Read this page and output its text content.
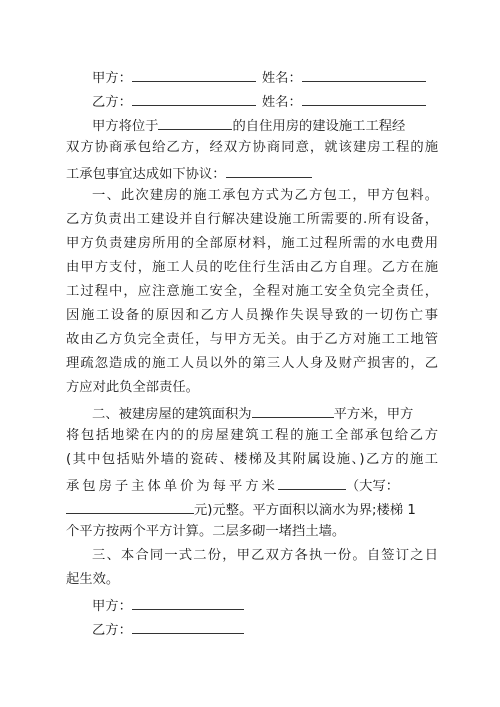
甲方：	姓名：
乙方：	姓名：
甲方将位于	的自住用房的建设施工工程经
双方协商承包给乙方，经双方协商同意，就该建房工程的施
工承包事宜达成如下协议：
一、此次建房的施工承包方式为乙方包工，甲方包料。
乙方负责出工建设并自行解决建设施工所需要的.所有设备，
甲方负责建房所用的全部原材料，施工过程所需的水电费用
由甲方支付，施工人员的吃住行生活由乙方自理。乙方在施
工过程中，应注意施工安全，全程对施工安全负完全责任，
因施工设备的原因和乙方人员操作失误导致的一切伤亡事
故由乙方负完全责任，与甲方无关。由于乙方对施工工地管
理疏忽造成的施工人员以外的第三人人身及财产损害的，乙
方应对此负全部责任。
二、被建房屋的建筑面积为	平方米，甲方
将包括地梁在内的的房屋建筑工程的施工全部承包给乙方
(其中包括贴外墙的瓷砖、楼梯及其附属设施、)乙方的施工
承包房子主体单价为每平方米	（大写：
元)元整。平方面积以滴水为界;楼梯 1
个平方按两个平方计算。二层多砌一堵挡土墙。
三、本合同一式二份，甲乙双方各执一份。自签订之日
起生效。
甲方：
乙方：
